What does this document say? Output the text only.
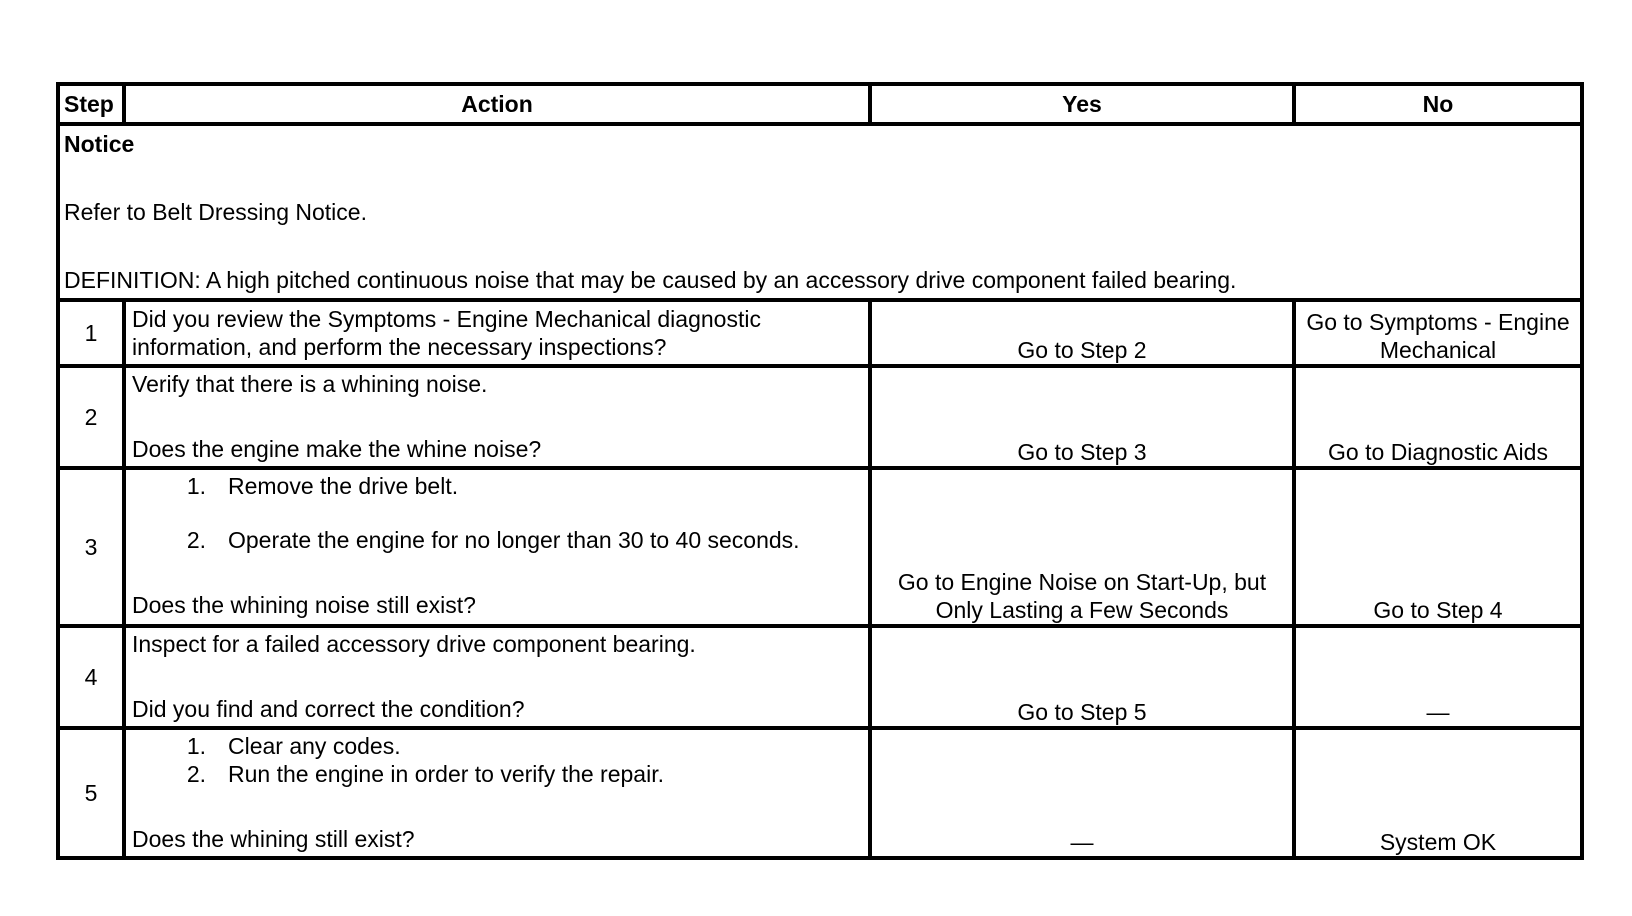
Step	Action	Yes	No

Notice
Refer to Belt Dressing Notice.
DEFINITION: A high pitched continuous noise that may be caused by an accessory drive component failed bearing.			

1	Did you review the Symptoms - Engine Mechanical diagnostic information, and perform the necessary inspections?	Go to Step 2	Go to Symptoms - Engine Mechanical
2	Verify that there is a whining noise.
Does the engine make the whine noise?	Go to Step 3	Go to Diagnostic Aids
3	1. Remove the drive belt.
2. Operate the engine for no longer than 30 to 40 seconds.
Does the whining noise still exist?	Go to Engine Noise on Start-Up, but Only Lasting a Few Seconds	Go to Step 4
4	Inspect for a failed accessory drive component bearing.
Did you find and correct the condition?	Go to Step 5	—
5	1. Clear any codes.
2. Run the engine in order to verify the repair.
Does the whining still exist?	—	System OK
